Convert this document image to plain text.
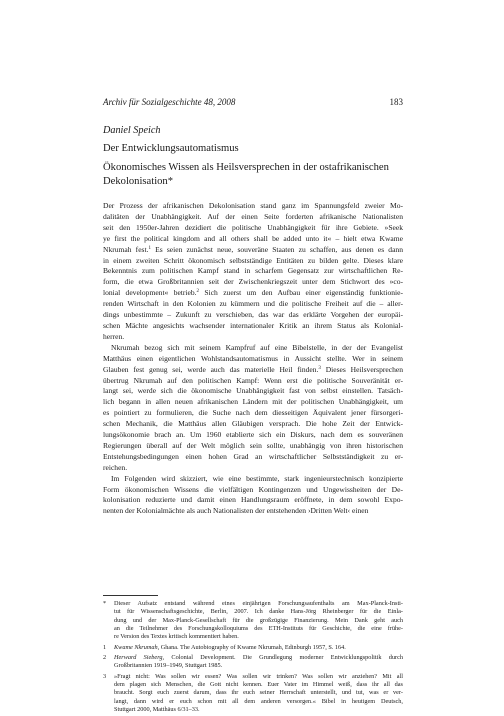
Archiv für Sozialgeschichte 48, 2008	183
Daniel Speich
Der Entwicklungsautomatismus
Ökonomisches Wissen als Heilsversprechen in der ostafrikanischen Dekolonisation*

Der Prozess der afrikanischen Dekolonisation stand ganz im Spannungsfeld zweier Mo-
dalitäten der Unabhängigkeit. Auf der einen Seite forderten afrikanische Nationalisten
seit den 1950er-Jahren dezidiert die politische Unabhängigkeit für ihre Gebiete. »Seek
ye first the political kingdom and all others shall be added unto it« – hielt etwa Kwame
Nkrumah fest.$^1$ Es seien zunächst neue, souveräne Staaten zu schaffen, aus denen es dann
in einem zweiten Schritt ökonomisch selbstständige Entitäten zu bilden gelte. Dieses klare
Bekenntnis zum politischen Kampf stand in scharfem Gegensatz zur wirtschaftlichen Re-
form, die etwa Großbritannien seit der Zwischenkriegszeit unter dem Stichwort des »co-
lonial development« betrieb.$^2$ Sich zuerst um den Aufbau einer eigenständig funktionie-
renden Wirtschaft in den Kolonien zu kümmern und die politische Freiheit auf die – aller-
dings unbestimmte – Zukunft zu verschieben, das war das erklärte Vorgehen der europäi-
schen Mächte angesichts wachsender internationaler Kritik an ihrem Status als Kolonial-
herren.

Nkrumah bezog sich mit seinem Kampfruf auf eine Bibelstelle, in der der Evangelist
Matthäus einen eigentlichen Wohlstandsautomatismus in Aussicht stellte. Wer in seinem
Glauben fest genug sei, werde auch das materielle Heil finden.$^3$ Dieses Heilsversprechen
übertrug Nkrumah auf den politischen Kampf: Wenn erst die politische Souveränität er-
langt sei, werde sich die ökonomische Unabhängigkeit fast von selbst einstellen. Tatsäch-
lich begann in allen neuen afrikanischen Ländern mit der politischen Unabhängigkeit, um
es pointiert zu formulieren, die Suche nach dem diesseitigen Äquivalent jener fürsorgeri-
schen Mechanik, die Matthäus allen Gläubigen versprach. Die hohe Zeit der Entwick-
lungsökonomie brach an. Um 1960 etablierte sich ein Diskurs, nach dem es souveränen
Regierungen überall auf der Welt möglich sein sollte, unabhängig von ihren historischen
Entstehungsbedingungen einen hohen Grad an wirtschaftlicher Selbstständigkeit zu er-
reichen.

Im Folgenden wird skizziert, wie eine bestimmte, stark ingenieurstechnisch konzipierte
Form ökonomischen Wissens die vielfältigen Kontingenzen und Ungewissheiten der De-
kolonisation reduzierte und damit einen Handlungsraum eröffnete, in dem sowohl Expo-
nenten der Kolonialmächte als auch Nationalisten der entstehenden ›Dritten Welt‹ einen

*	Dieser Aufsatz entstand während eines einjährigen Forschungsaufenthalts am Max-Planck-Insti-
tut für Wissenschaftsgeschichte, Berlin, 2007. Ich danke Hans-Jörg Rheinberger für die Einla-
dung und der Max-Planck-Gesellschaft für die großzügige Finanzierung. Mein Dank geht auch
an die Teilnehmer des Forschungskolloquiums des ETH-Instituts für Geschichte, die eine frühe-
re Version des Textes kritisch kommentiert haben.
1	Kwame Nkrumah, Ghana. The Autobiography of Kwame Nkrumah, Edinburgh 1957, S. 164.
2	Herward Sieberg, Colonial Development. Die Grundlegung moderner Entwicklungspolitik durch
Großbritannien 1919–1949, Stuttgart 1985.
3	»Fragt nicht: Was sollen wir essen? Was sollen wir trinken? Was sollen wir anziehen? Mit all
dem plagen sich Menschen, die Gott nicht kennen. Euer Vater im Himmel weiß, dass ihr all das
braucht. Sorgt euch zuerst darum, dass ihr euch seiner Herrschaft unterstellt, und tut, was er ver-
langt, dann wird er euch schon mit all dem anderen versorgen.« Bibel in heutigem Deutsch,
Stuttgart 2000, Matthäus 6/31–33.
